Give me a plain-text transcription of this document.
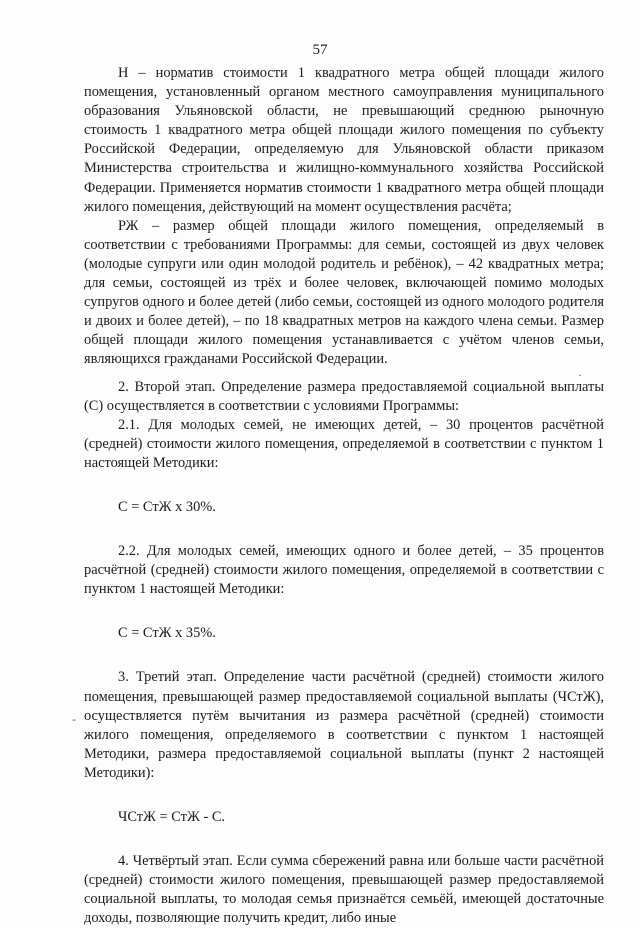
57

Н – норматив стоимости 1 квадратного метра общей площади жилого помещения, установленный органом местного самоуправления муниципального образования Ульяновской области, не превышающий среднюю рыночную стоимость 1 квадратного метра общей площади жилого помещения по субъекту Российской Федерации, определяемую для Ульяновской области приказом Министерства строительства и жилищно-коммунального хозяйства Российской Федерации. Применяется норматив стоимости 1 квадратного метра общей площади жилого помещения, действующий на момент осуществления расчёта;

РЖ – размер общей площади жилого помещения, определяемый в соответствии с требованиями Программы: для семьи, состоящей из двух человек (молодые супруги или один молодой родитель и ребёнок), – 42 квадратных метра; для семьи, состоящей из трёх и более человек, включающей помимо молодых супругов одного и более детей (либо семьи, состоящей из одного молодого родителя и двоих и более детей), – по 18 квадратных метров на каждого члена семьи. Размер общей площади жилого помещения устанавливается с учётом членов семьи, являющихся гражданами Российской Федерации.

2. Второй этап. Определение размера предоставляемой социальной выплаты (С) осуществляется в соответствии с условиями Программы:

2.1. Для молодых семей, не имеющих детей, – 30 процентов расчётной (средней) стоимости жилого помещения, определяемой в соответствии с пунктом 1 настоящей Методики:

С = СтЖ х 30%.

2.2. Для молодых семей, имеющих одного и более детей, – 35 процентов расчётной (средней) стоимости жилого помещения, определяемой в соответствии с пунктом 1 настоящей Методики:

С = СтЖ х 35%.

3. Третий этап. Определение части расчётной (средней) стоимости жилого помещения, превышающей размер предоставляемой социальной выплаты (ЧСтЖ), осуществляется путём вычитания из размера расчётной (средней) стоимости жилого помещения, определяемого в соответствии с пунктом 1 настоящей Методики, размера предоставляемой социальной выплаты (пункт 2 настоящей Методики):

ЧСтЖ = СтЖ - С.

4. Четвёртый этап. Если сумма сбережений равна или больше части расчётной (средней) стоимости жилого помещения, превышающей размер предоставляемой социальной выплаты, то молодая семья признаётся семьёй, имеющей достаточные доходы, позволяющие получить кредит, либо иные

-
·
